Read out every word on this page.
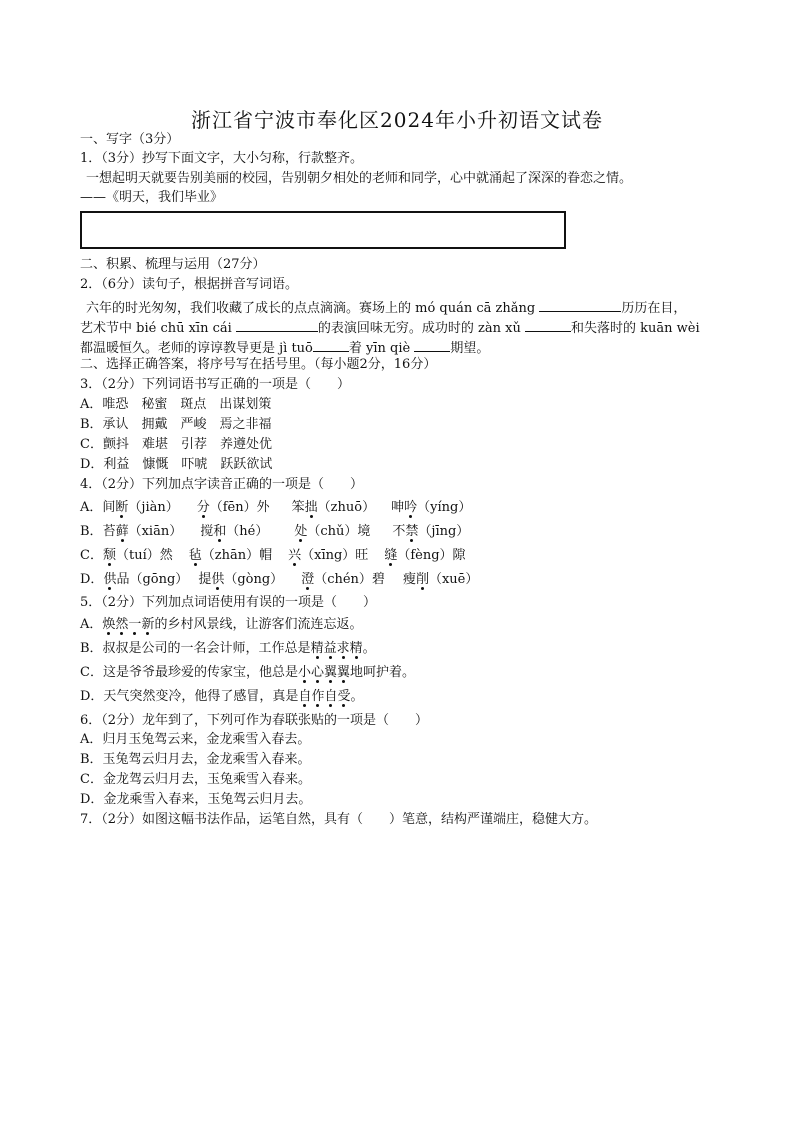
浙江省宁波市奉化区2024年小升初语文试卷
一、写字（3分）
1．（3分）抄写下面文字，大小匀称，行款整齐。
一想起明天就要告别美丽的校园，告别朝夕相处的老师和同学，心中就涌起了深深的眷恋之情。
——《明天，我们毕业》
二、积累、梳理与运用（27分）
2．（6分）读句子，根据拼音写词语。
六年的时光匆匆，我们收藏了成长的点点滴滴。赛场上的 mó quán cā zhǎng	历历在目，
艺术节中 bié chū xīn cái	的表演回味无穷。成功时的 zàn xǔ	和失落时的 kuān wèi
都温暖恒久。老师的谆谆教导更是 jì tuō	着 yīn qiè	期望。
二、选择正确答案，将序号写在括号里。（每小题2分，16分）
3．（2分）下列词语书写正确的一项是（　　）
A．唯恐　秘蜜　斑点　出谋划策
B．承认　拥戴　严峻　焉之非福
C．颤抖　难堪　引荐　养遵处优
D．利益　慷慨　吓唬　跃跃欲试
4．（2分）下列加点字读音正确的一项是（　　）
A．间断（jiàn） 分（fēn）外 笨拙（zhuō） 呻吟（yíng）
B．苔藓（xiān） 搅和（hé） 处（chǔ）境 不禁（jīng）
C．颓（tuí）然 毡（zhān）帽 兴（xīng）旺 缝（fèng）隙
D．供品（gōng） 提供（gòng） 澄（chén）碧 瘦削（xuē）
5．（2分）下列加点词语使用有误的一项是（　　）
A．焕然一新的乡村风景线，让游客们流连忘返。
B．叔叔是公司的一名会计师，工作总是精益求精。
C．这是爷爷最珍爱的传家宝，他总是小心翼翼地呵护着。
D．天气突然变冷，他得了感冒，真是自作自受。
6．（2分）龙年到了，下列可作为春联张贴的一项是（　　）
A．归月玉兔驾云来，金龙乘雪入春去。
B．玉兔驾云归月去，金龙乘雪入春来。
C．金龙驾云归月去，玉兔乘雪入春来。
D．金龙乘雪入春来，玉兔驾云归月去。
7．（2分）如图这幅书法作品，运笔自然，具有（　　）笔意，结构严谨端庄，稳健大方。
